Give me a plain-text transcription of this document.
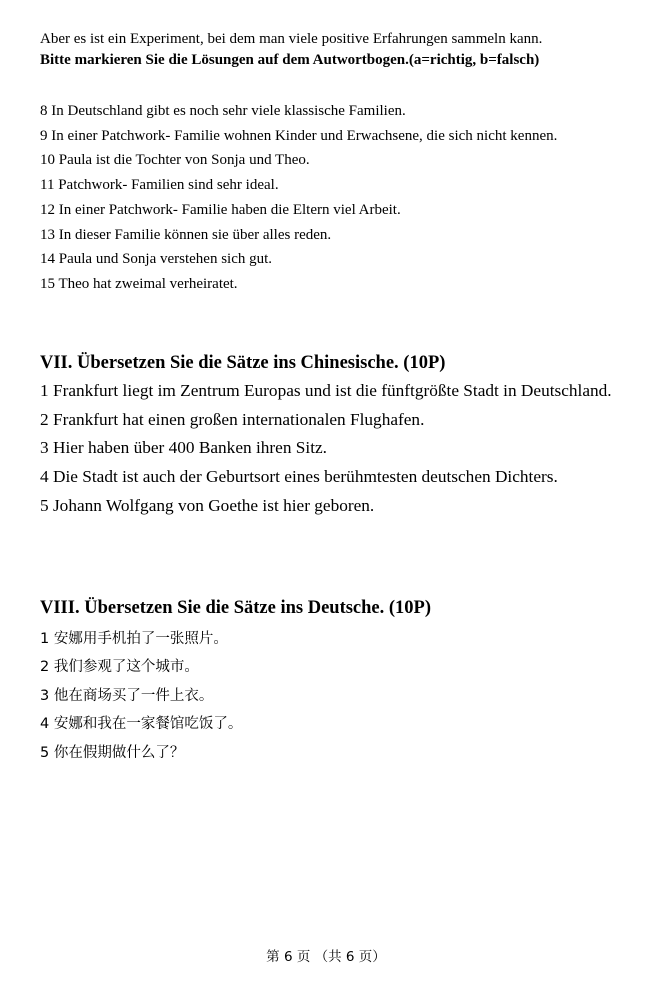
Aber es ist ein Experiment, bei dem man viele positive Erfahrungen sammeln kann.
Bitte markieren Sie die Lösungen auf dem Autwortbogen.(a=richtig, b=falsch)
8 In Deutschland gibt es noch sehr viele klassische Familien.
9 In einer Patchwork- Familie wohnen Kinder und Erwachsene, die sich nicht kennen.
10 Paula ist die Tochter von Sonja und Theo.
11 Patchwork- Familien sind sehr ideal.
12 In einer Patchwork- Familie haben die Eltern viel Arbeit.
13 In dieser Familie können sie über alles reden.
14 Paula und Sonja verstehen sich gut.
15 Theo hat zweimal verheiratet.
VII. Übersetzen Sie die Sätze ins Chinesische. (10P)
1 Frankfurt liegt im Zentrum Europas und ist die fünftgrößte Stadt in Deutschland.
2 Frankfurt hat einen großen internationalen Flughafen.
3 Hier haben über 400 Banken ihren Sitz.
4 Die Stadt ist auch der Geburtsort eines berühmtesten deutschen Dichters.
5 Johann Wolfgang von Goethe ist hier geboren.
VIII. Übersetzen Sie die Sätze ins Deutsche. (10P)
1 安娜用手机拍了一张照片。
2 我们参观了这个城市。
3 他在商场买了一件上衣。
4 安娜和我在一家餐馆吃饭了。
5 你在假期做什么了？
第 6 页 （共 6 页）
